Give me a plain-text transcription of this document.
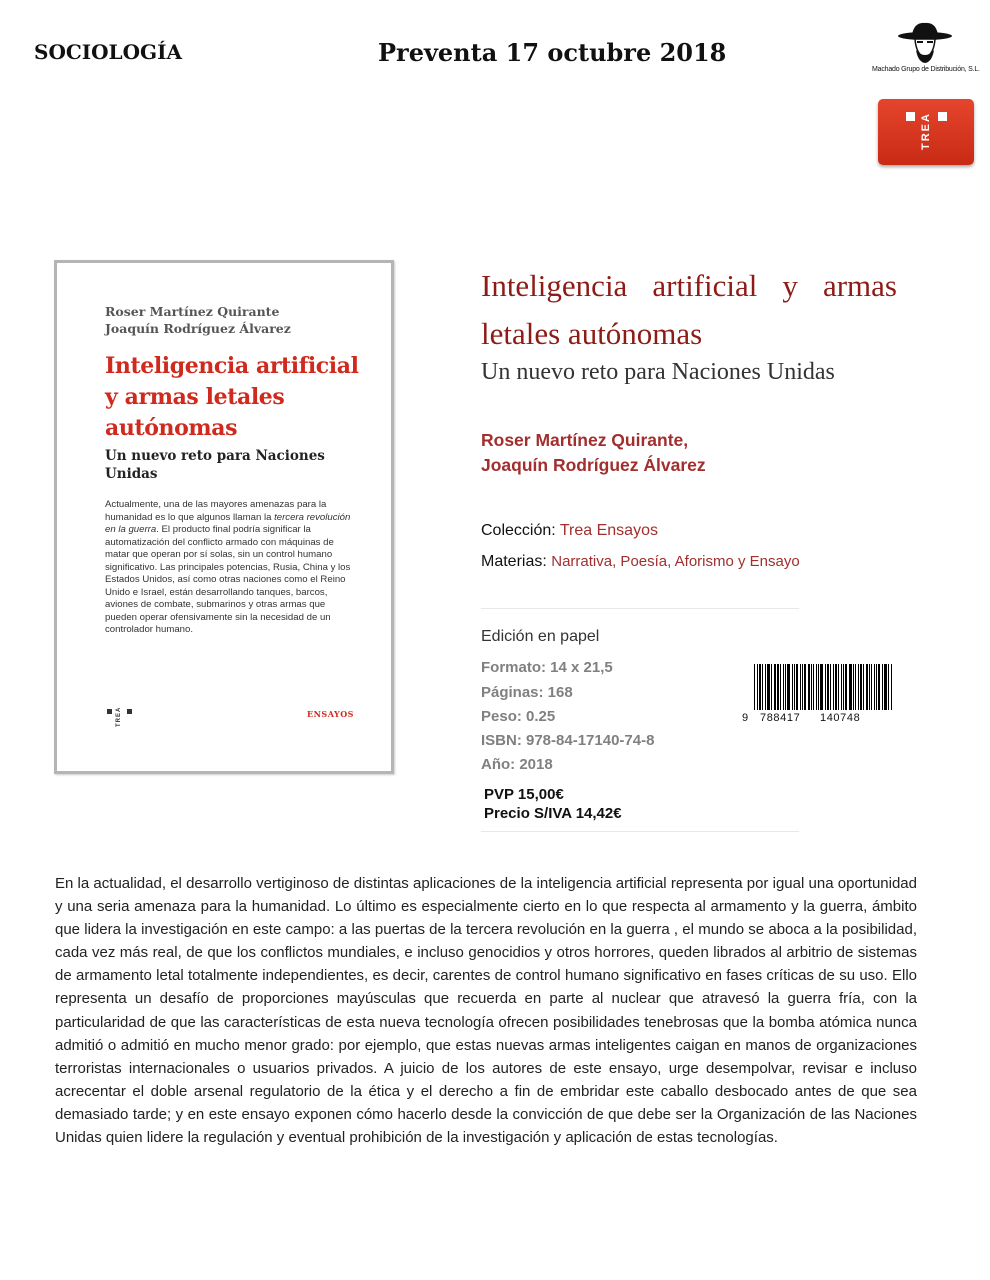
SOCIOLOGÍA	Preventa 17 octubre 2018
Machado Grupo de Distribución, S.L.
TREA
Roser Martínez Quirante
Joaquín Rodríguez Álvarez
Inteligencia artificial y armas letales autónomas
Un nuevo reto para Naciones Unidas
Actualmente, una de las mayores amenazas para la humanidad es lo que algunos llaman la tercera revolución en la guerra. El producto final podría significar la automatización del conflicto armado con máquinas de matar que operan por sí solas, sin un control humano significativo. Las principales potencias, Rusia, China y los Estados Unidos, así como otras naciones como el Reino Unido e Israel, están desarrollando tanques, barcos, aviones de combate, submarinos y otras armas que pueden operar ofensivamente sin la necesidad de un controlador humano.
TREA	ENSAYOS
Inteligencia artificial y armas letales autónomas
Un nuevo reto para Naciones Unidas
Roser Martínez Quirante,
Joaquín Rodríguez Álvarez
Colección: Trea Ensayos
Materias: Narrativa, Poesía, Aforismo y Ensayo
Edición en papel
Formato: 14 x 21,5
Páginas: 168
Peso: 0.25
ISBN: 978-84-17140-74-8
Año: 2018
PVP 15,00€
Precio S/IVA 14,42€
9 788417 140748
En la actualidad, el desarrollo vertiginoso de distintas aplicaciones de la inteligencia artificial representa por igual una oportunidad y una seria amenaza para la humanidad. Lo último es especialmente cierto en lo que respecta al armamento y la guerra, ámbito que lidera la investigación en este campo: a las puertas de la tercera revolución en la guerra , el mundo se aboca a la posibilidad, cada vez más real, de que los conflictos mundiales, e incluso genocidios y otros horrores, queden librados al arbitrio de sistemas de armamento letal totalmente independientes, es decir, carentes de control humano significativo en fases críticas de su uso. Ello representa un desafío de proporciones mayúsculas que recuerda en parte al nuclear que atravesó la guerra fría, con la particularidad de que las características de esta nueva tecnología ofrecen posibilidades tenebrosas que la bomba atómica nunca admitió o admitió en mucho menor grado: por ejemplo, que estas nuevas armas inteligentes caigan en manos de organizaciones terroristas internacionales o usuarios privados. A juicio de los autores de este ensayo, urge desempolvar, revisar e incluso acrecentar el doble arsenal regulatorio de la ética y el derecho a fin de embridar este caballo desbocado antes de que sea demasiado tarde; y en este ensayo exponen cómo hacerlo desde la convicción de que debe ser la Organización de las Naciones Unidas quien lidere la regulación y eventual prohibición de la investigación y aplicación de estas tecnologías.
